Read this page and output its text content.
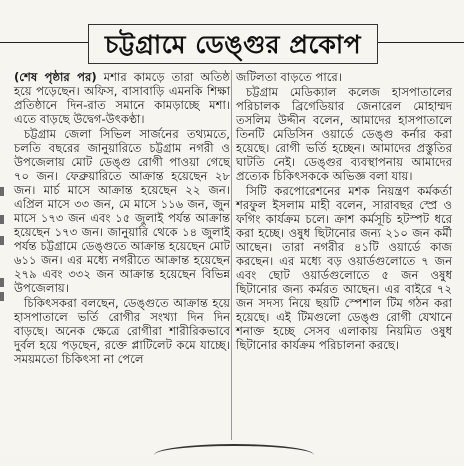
চট্টগ্রামে ডেঙ্গুর প্রকোপ

(শেষ পৃষ্ঠার পর) মশার কামড়ে তারা অতিষ্ঠ হয়ে পড়েছেন। অফিস, বাসাবাড়ি এমনকি শিক্ষা প্রতিষ্ঠানে দিন-রাত সমানে কামড়াচ্ছে মশা। এতে বাড়ছে উদ্বেগ-উৎকণ্ঠা।

চট্টগ্রাম জেলা সিভিল সার্জনের তথ্যমতে, চলতি বছরের জানুয়ারিতে চট্টগ্রাম নগরী ও উপজেলায় মোট ডেঙ্গু রোগী পাওয়া গেছে ৭০ জন। ফেব্রুয়ারিতে আক্রান্ত হয়েছেন ২৮ জন। মার্চ মাসে আক্রান্ত হয়েছেন ২২ জন। এপ্রিল মাসে ৩৩ জন, মে মাসে ১১৬ জন, জুন মাসে ১৭৩ জন এবং ১৫ জুলাই পর্যন্ত আক্রান্ত হয়েছেন ১৭৩ জন। জানুয়ারি থেকে ১৪ জুলাই পর্যন্ত চট্টগ্রামে ডেঙ্গুতে আক্রান্ত হয়েছেন মোট ৬১১ জন। এর মধ্যে নগরীতে আক্রান্ত হয়েছেন ২৭৯ এবং ৩৩২ জন আক্রান্ত হয়েছেন বিভিন্ন উপজেলায়।

চিকিৎসকরা বলছেন, ডেঙ্গুতে আক্রান্ত হয়ে হাসপাতালে ভর্তি রোগীর সংখ্যা দিন দিন বাড়ছে। অনেক ক্ষেত্রে রোগীরা শারীরিকভাবে দুর্বল হয়ে পড়ছেন, রক্তে প্লাটিলেট কমে যাচ্ছে। সময়মতো চিকিৎসা না পেলে

জটিলতা বাড়তে পারে।

চট্টগ্রাম মেডিক্যাল কলেজ হাসপাতালের পরিচালক ব্রিগেডিয়ার জেনারেল মোহাম্মদ তসলিম উদ্দীন বলেন, আমাদের হাসপাতালে তিনটি মেডিসিন ওয়ার্ডে ডেঙ্গু কর্নার করা হয়েছে। রোগী ভর্তি হচ্ছেন। আমাদের প্রস্তুতির ঘাটতি নেই। ডেঙ্গুর ব্যবস্থাপনায় আমাদের প্রত্যেক চিকিৎসককে অভিজ্ঞ বলা যায়।

সিটি করপোরেশনের মশক নিয়ন্ত্রণ কর্মকর্তা শরফুল ইসলাম মাহী বলেন, সারাবছর স্প্রে ও ফগিং কার্যক্রম চলে। ক্রাশ কর্মসূচি হটস্পট ধরে করা হচ্ছে। ওষুধ ছিটানোর জন্য ২১০ জন কর্মী আছেন। তারা নগরীর ৪১টি ওয়ার্ডে কাজ করছেন। এর মধ্যে বড় ওয়ার্ডগুলোতে ৭ জন এবং ছোট ওয়ার্ডগুলোতে ৫ জন ওষুধ ছিটানোর জন্য কর্মরত আছেন। এর বাইরে ৭২ জন সদস্য নিয়ে ছয়টি স্পেশাল টিম গঠন করা হয়েছে। এই টিমগুলো ডেঙ্গু রোগী যেখানে শনাক্ত হচ্ছে সেসব এলাকায় নিয়মিত ওষুধ ছিটানোর কার্যক্রম পরিচালনা করছে।
